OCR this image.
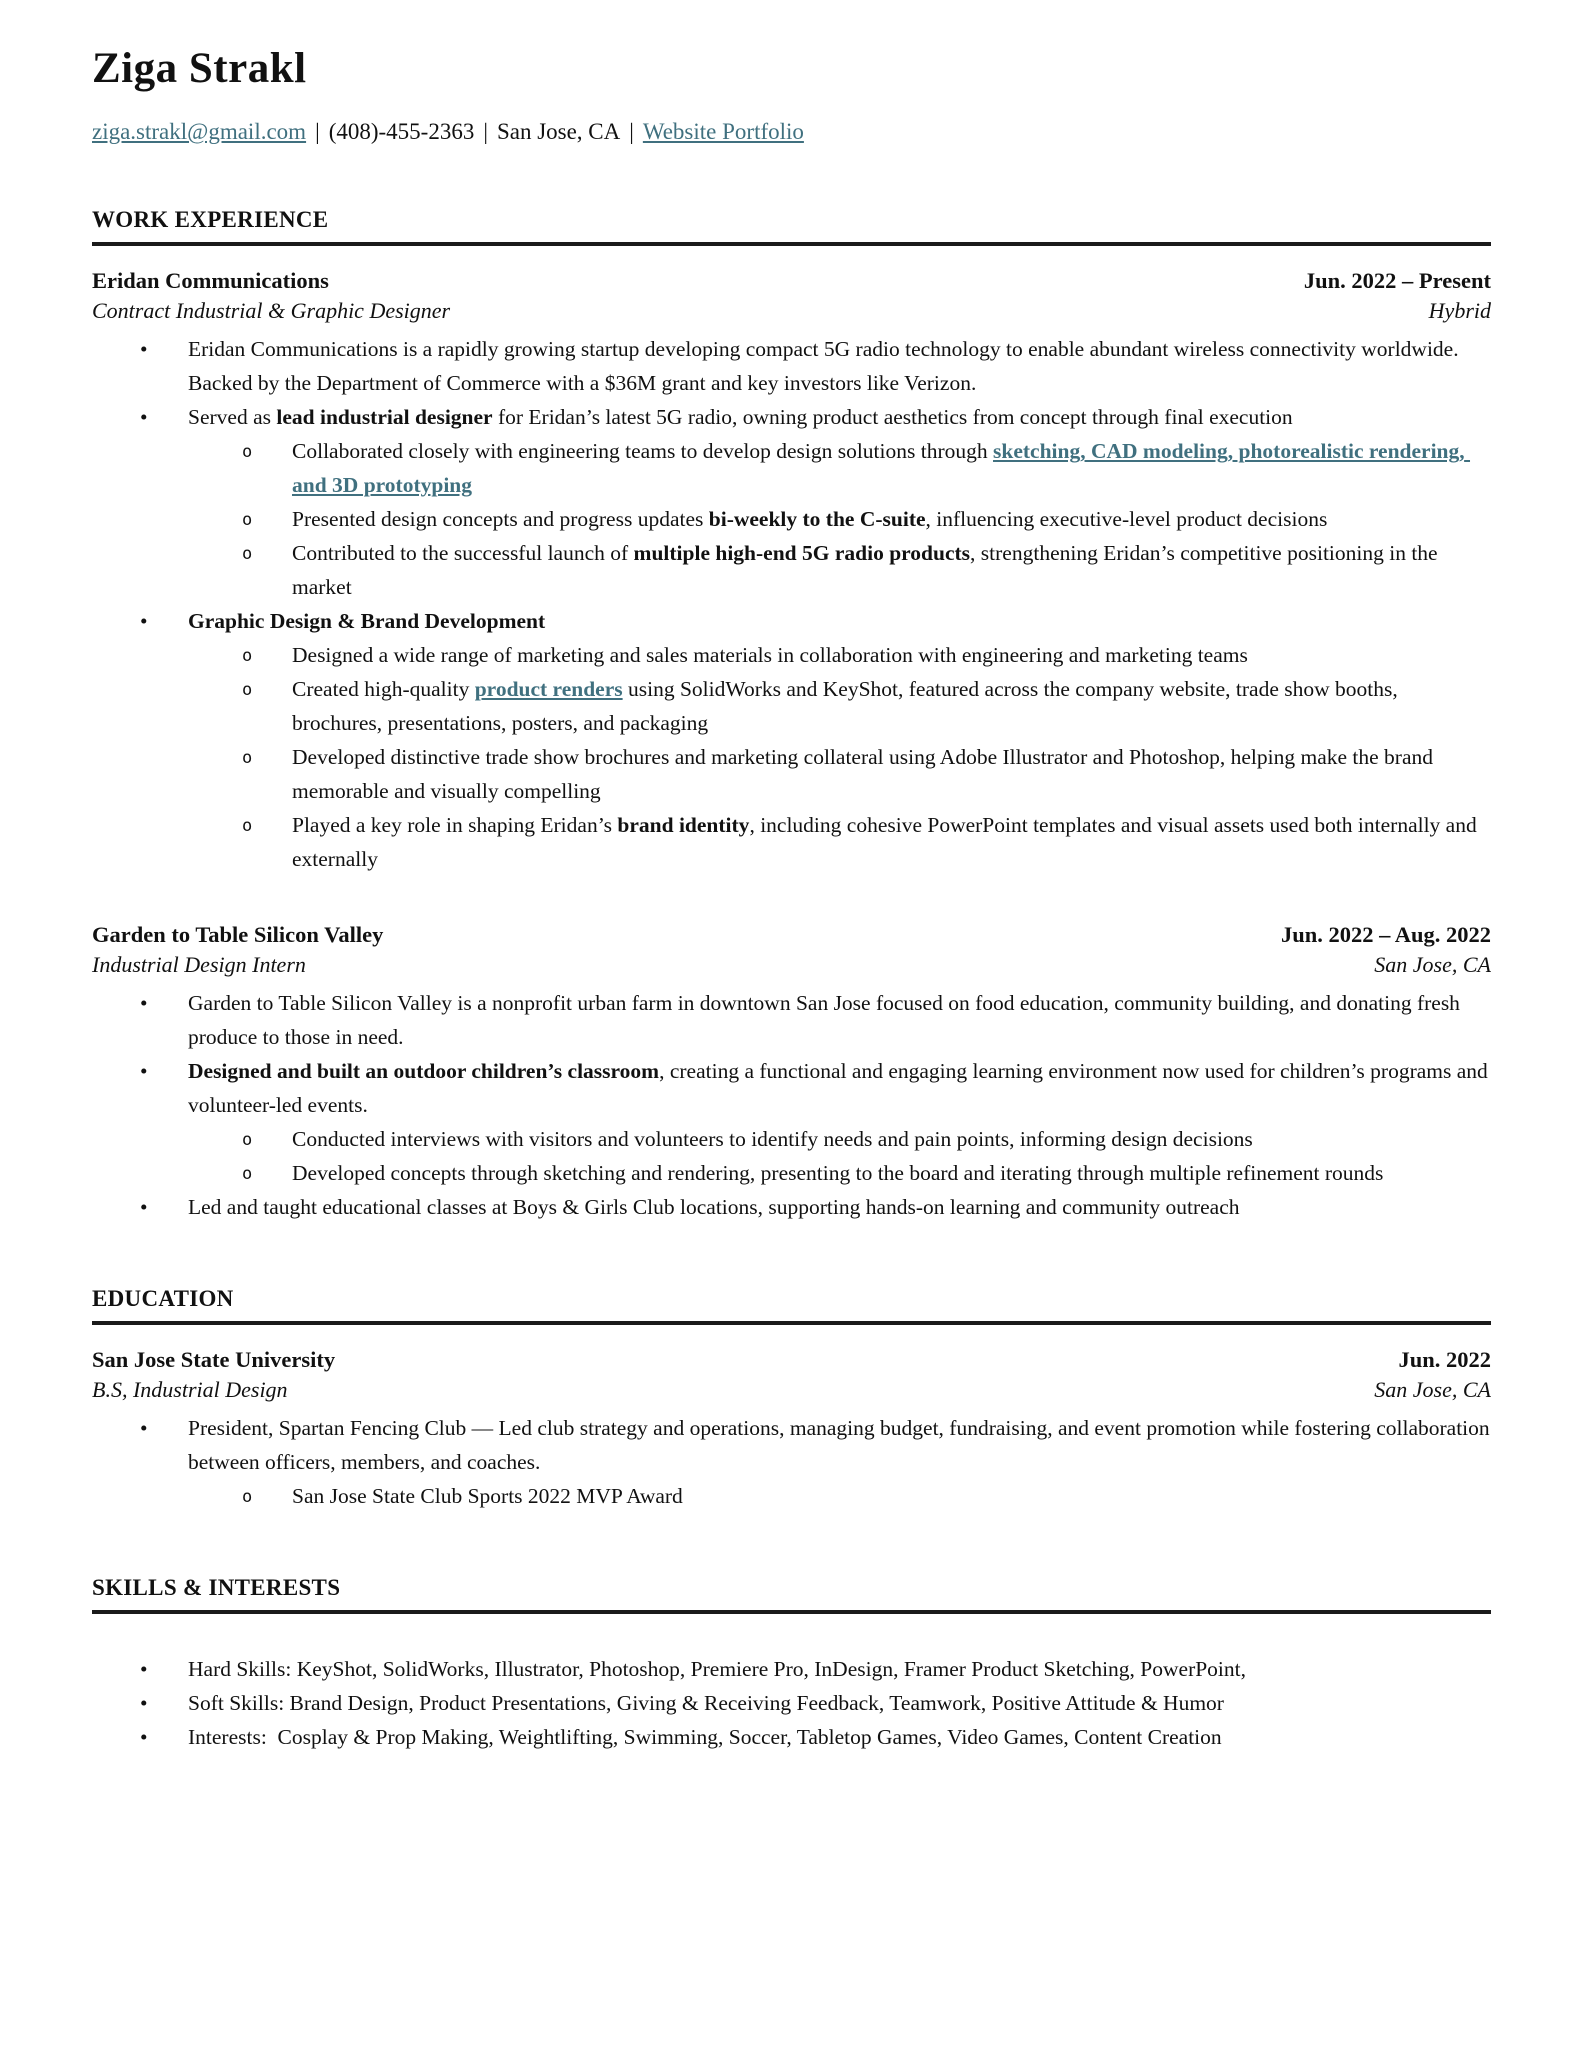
Ziga Strakl
ziga.strakl@gmail.com | (408)-455-2363 | San Jose, CA | Website Portfolio
WORK EXPERIENCE
Eridan Communications	Jun. 2022 – Present
Contract Industrial & Graphic Designer	Hybrid
• Eridan Communications is a rapidly growing startup developing compact 5G radio technology to enable abundant wireless connectivity worldwide. Backed by the Department of Commerce with a $36M grant and key investors like Verizon.
• Served as lead industrial designer for Eridan’s latest 5G radio, owning product aesthetics from concept through final execution
o Collaborated closely with engineering teams to develop design solutions through sketching, CAD modeling, photorealistic rendering, and 3D prototyping
o Presented design concepts and progress updates bi-weekly to the C-suite, influencing executive-level product decisions
o Contributed to the successful launch of multiple high-end 5G radio products, strengthening Eridan’s competitive positioning in the market
• Graphic Design & Brand Development
o Designed a wide range of marketing and sales materials in collaboration with engineering and marketing teams
o Created high-quality product renders using SolidWorks and KeyShot, featured across the company website, trade show booths, brochures, presentations, posters, and packaging
o Developed distinctive trade show brochures and marketing collateral using Adobe Illustrator and Photoshop, helping make the brand memorable and visually compelling
o Played a key role in shaping Eridan’s brand identity, including cohesive PowerPoint templates and visual assets used both internally and externally
Garden to Table Silicon Valley	Jun. 2022 – Aug. 2022
Industrial Design Intern	San Jose, CA
• Garden to Table Silicon Valley is a nonprofit urban farm in downtown San Jose focused on food education, community building, and donating fresh produce to those in need.
• Designed and built an outdoor children’s classroom, creating a functional and engaging learning environment now used for children’s programs and volunteer-led events.
o Conducted interviews with visitors and volunteers to identify needs and pain points, informing design decisions
o Developed concepts through sketching and rendering, presenting to the board and iterating through multiple refinement rounds
• Led and taught educational classes at Boys & Girls Club locations, supporting hands-on learning and community outreach
EDUCATION
San Jose State University	Jun. 2022
B.S, Industrial Design	San Jose, CA
• President, Spartan Fencing Club — Led club strategy and operations, managing budget, fundraising, and event promotion while fostering collaboration between officers, members, and coaches.
o San Jose State Club Sports 2022 MVP Award
SKILLS & INTERESTS
• Hard Skills: KeyShot, SolidWorks, Illustrator, Photoshop, Premiere Pro, InDesign, Framer Product Sketching, PowerPoint,
• Soft Skills: Brand Design, Product Presentations, Giving & Receiving Feedback, Teamwork, Positive Attitude & Humor
• Interests:  Cosplay & Prop Making, Weightlifting, Swimming, Soccer, Tabletop Games, Video Games, Content Creation
